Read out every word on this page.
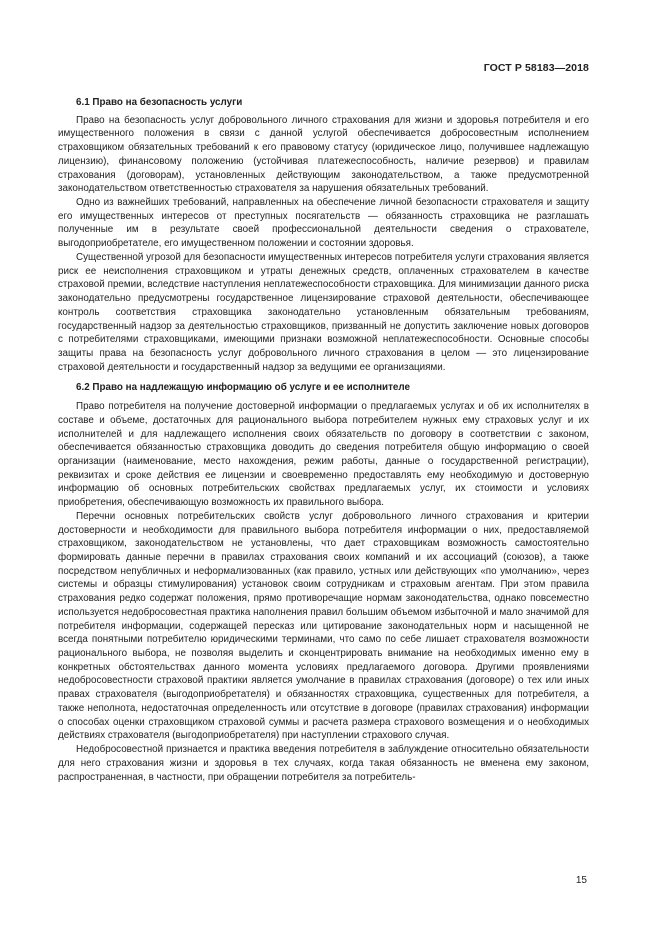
ГОСТ Р 58183—2018
6.1 Право на безопасность услуги

Право на безопасность услуг добровольного личного страхования для жизни и здоровья потребителя и его имущественного положения в связи с данной услугой обеспечивается добросовестным исполнением страховщиком обязательных требований к его правовому статусу (юридическое лицо, получившее надлежащую лицензию), финансовому положению (устойчивая платежеспособность, наличие резервов) и правилам страхования (договорам), установленных действующим законодательством, а также предусмотренной законодательством ответственностью страхователя за нарушения обязательных требований.

Одно из важнейших требований, направленных на обеспечение личной безопасности страхователя и защиту его имущественных интересов от преступных посягательств — обязанность страховщика не разглашать полученные им в результате своей профессиональной деятельности сведения о страхователе, выгодоприобретателе, его имущественном положении и состоянии здоровья.

Существенной угрозой для безопасности имущественных интересов потребителя услуги страхования является риск ее неисполнения страховщиком и утраты денежных средств, оплаченных страхователем в качестве страховой премии, вследствие наступления неплатежеспособности страховщика. Для минимизации данного риска законодательно предусмотрены государственное лицензирование страховой деятельности, обеспечивающее контроль соответствия страховщика законодательно установленным обязательным требованиям, государственный надзор за деятельностью страховщиков, призванный не допустить заключение новых договоров с потребителями страховщиками, имеющими признаки возможной неплатежеспособности. Основные способы защиты права на безопасность услуг добровольного личного страхования в целом — это лицензирование страховой деятельности и государственный надзор за ведущими ее организациями.

6.2 Право на надлежащую информацию об услуге и ее исполнителе

Право потребителя на получение достоверной информации о предлагаемых услугах и об их исполнителях в составе и объеме, достаточных для рационального выбора потребителем нужных ему страховых услуг и их исполнителей и для надлежащего исполнения своих обязательств по договору в соответствии с законом, обеспечивается обязанностью страховщика доводить до сведения потребителя общую информацию о своей организации (наименование, место нахождения, режим работы, данные о государственной регистрации), реквизитах и сроке действия ее лицензии и своевременно предоставлять ему необходимую и достоверную информацию об основных потребительских свойствах предлагаемых услуг, их стоимости и условиях приобретения, обеспечивающую возможность их правильного выбора.

Перечни основных потребительских свойств услуг добровольного личного страхования и критерии достоверности и необходимости для правильного выбора потребителя информации о них, предоставляемой страховщиком, законодательством не установлены, что дает страховщикам возможность самостоятельно формировать данные перечни в правилах страхования своих компаний и их ассоциаций (союзов), а также посредством непубличных и неформализованных (как правило, устных или действующих «по умолчанию», через системы и образцы стимулирования) установок своим сотрудникам и страховым агентам. При этом правила страхования редко содержат положения, прямо противоречащие нормам законодательства, однако повсеместно используется недобросовестная практика наполнения правил большим объемом избыточной и мало значимой для потребителя информации, содержащей пересказ или цитирование законодательных норм и насыщенной не всегда понятными потребителю юридическими терминами, что само по себе лишает страхователя возможности рационального выбора, не позволяя выделить и сконцентрировать внимание на необходимых именно ему в конкретных обстоятельствах данного момента условиях предлагаемого договора. Другими проявлениями недобросовестности страховой практики является умолчание в правилах страхования (договоре) о тех или иных правах страхователя (выгодоприобретателя) и обязанностях страховщика, существенных для потребителя, а также неполнота, недостаточная определенность или отсутствие в договоре (правилах страхования) информации о способах оценки страховщиком страховой суммы и расчета размера страхового возмещения и о необходимых действиях страхователя (выгодоприобретателя) при наступлении страхового случая.

Недобросовестной признается и практика введения потребителя в заблуждение относительно обязательности для него страхования жизни и здоровья в тех случаях, когда такая обязанность не вменена ему законом, распространенная, в частности, при обращении потребителя за потребитель-

15
